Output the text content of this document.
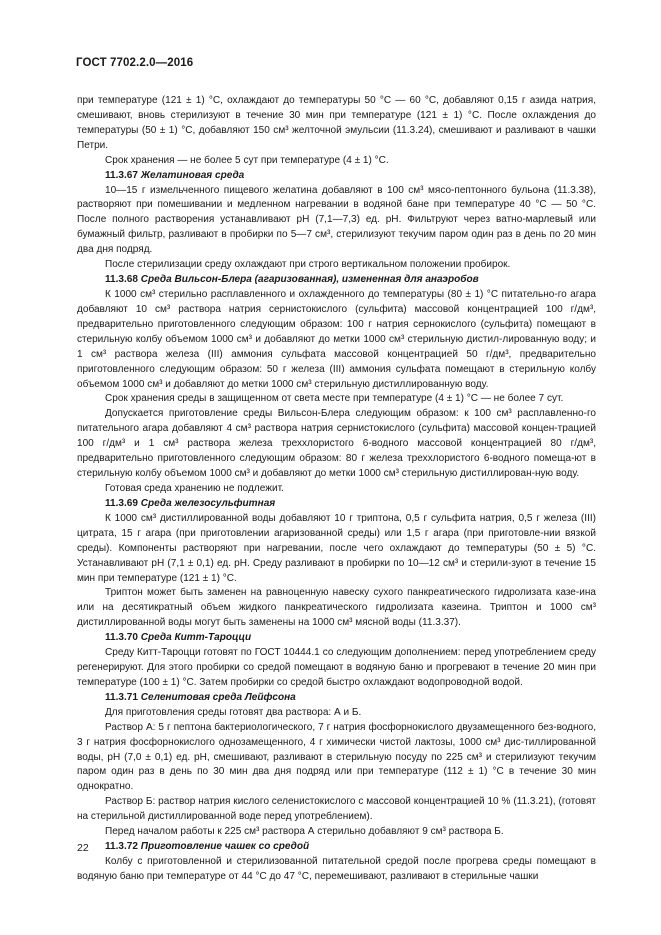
ГОСТ 7702.2.0—2016

при температуре (121 ± 1) °С, охлаждают до температуры 50 °С — 60 °С, добавляют 0,15 г азида натрия, смешивают, вновь стерилизуют в течение 30 мин при температуре (121 ± 1) °С. После охлаждения до температуры (50 ± 1) °С, добавляют 150 см³ желточной эмульсии (11.3.24), смешивают и разливают в чашки Петри.

Срок хранения — не более 5 сут при температуре (4 ± 1) °С.

11.3.67 Желатиновая среда

10—15 г измельченного пищевого желатина добавляют в 100 см³ мясо-пептонного бульона (11.3.38), растворяют при помешивании и медленном нагревании в водяной бане при температуре 40 °С — 50 °С. После полного растворения устанавливают рН (7,1—7,3) ед. рН. Фильтруют через ватно-марлевый или бумажный фильтр, разливают в пробирки по 5—7 см³, стерилизуют текучим паром один раз в день по 20 мин два дня подряд.

После стерилизации среду охлаждают при строго вертикальном положении пробирок.

11.3.68 Среда Вильсон-Блера (агаризованная), измененная для анаэробов

К 1000 см³ стерильно расплавленного и охлажденного до температуры (80 ± 1) °С питательно-го агара добавляют 10 см³ раствора натрия сернистокислого (сульфита) массовой концентрацией 100 г/дм³, предварительно приготовленного следующим образом: 100 г натрия сернокислого (сульфита) помещают в стерильную колбу объемом 1000 см³ и добавляют до метки 1000 см³ стерильную дистил-лированную воду; и 1 см³ раствора железа (III) аммония сульфата массовой концентрацией 50 г/дм³, предварительно приготовленного следующим образом: 50 г железа (III) аммония сульфата помещают в стерильную колбу объемом 1000 см³ и добавляют до метки 1000 см³ стерильную дистиллированную воду.

Срок хранения среды в защищенном от света месте при температуре (4 ± 1) °С — не более 7 сут.

Допускается приготовление среды Вильсон-Блера следующим образом: к 100 см³ расплавленно-го питательного агара добавляют 4 см³ раствора натрия сернистокислого (сульфита) массовой концен-трацией 100 г/дм³ и 1 см³ раствора железа треххлористого 6-водного массовой концентрацией 80 г/дм³, предварительно приготовленного следующим образом: 80 г железа треххлористого 6-водного помеща-ют в стерильную колбу объемом 1000 см³ и добавляют до метки 1000 см³ стерильную дистиллирован-ную воду.

Готовая среда хранению не подлежит.

11.3.69 Среда железосульфитная

К 1000 см³ дистиллированной воды добавляют 10 г триптона, 0,5 г сульфита натрия, 0,5 г железа (III) цитрата, 15 г агара (при приготовлении агаризованной среды) или 1,5 г агара (при приготовле-нии вязкой среды). Компоненты растворяют при нагревании, после чего охлаждают до температуры (50 ± 5) °С. Устанавливают рН (7,1 ± 0,1) ед. рН. Среду разливают в пробирки по 10—12 см³ и стерили-зуют в течение 15 мин при температуре (121 ± 1) °С.

Триптон может быть заменен на равноценную навеску сухого панкреатического гидролизата казе-ина или на десятикратный объем жидкого панкреатического гидролизата казеина. Триптон и 1000 см³ дистиллированной воды могут быть заменены на 1000 см³ мясной воды (11.3.37).

11.3.70 Среда Китт-Тароцци

Среду Китт-Тароцци готовят по ГОСТ 10444.1 со следующим дополнением: перед употреблением среду регенерируют. Для этого пробирки со средой помещают в водяную баню и прогревают в течение 20 мин при температуре (100 ± 1) °С. Затем пробирки со средой быстро охлаждают водопроводной водой.

11.3.71 Селенитовая среда Лейфсона

Для приготовления среды готовят два раствора: А и Б.

Раствор А: 5 г пептона бактериологического, 7 г натрия фосфорнокислого двузамещенного без-водного, 3 г натрия фосфорнокислого однозамещенного, 4 г химически чистой лактозы, 1000 см³ дис-тиллированной воды, рН (7,0 ± 0,1) ед. рН, смешивают, разливают в стерильную посуду по 225 см³ и стерилизуют текучим паром один раз в день по 30 мин два дня подряд или при температуре (112 ± 1) °С в течение 30 мин однократно.

Раствор Б: раствор натрия кислого селенистокислого с массовой концентрацией 10 % (11.3.21), (готовят на стерильной дистиллированной воде перед употреблением).

Перед началом работы к 225 см³ раствора А стерильно добавляют 9 см³ раствора Б.

11.3.72 Приготовление чашек со средой

Колбу с приготовленной и стерилизованной питательной средой после прогрева среды помещают в водяную баню при температуре от 44 °С до 47 °С, перемешивают, разливают в стерильные чашки

22
